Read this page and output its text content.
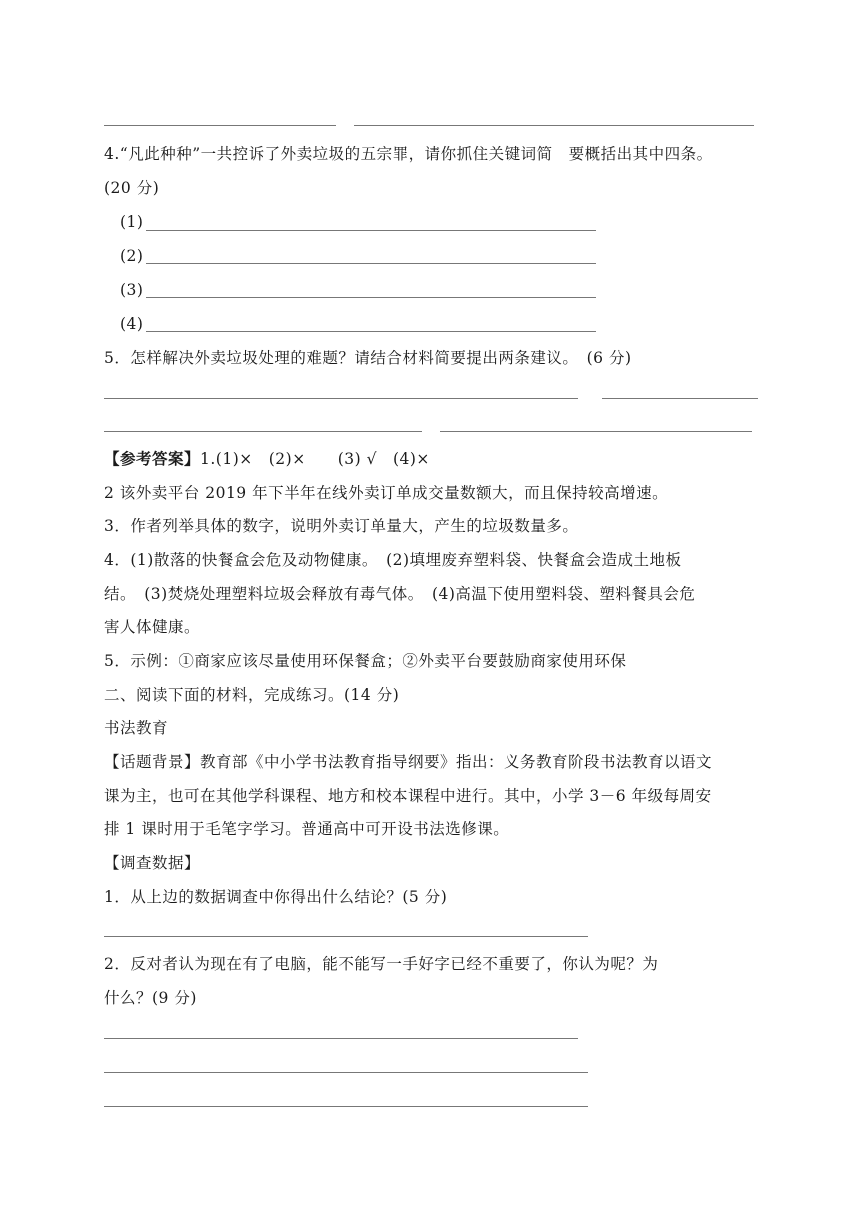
4.“凡此种种”一共控诉了外卖垃圾的五宗罪，请你抓住关键词简　要概括出其中四条。
(20 分)
(1)
(2)
(3)
(4)
5．怎样解决外卖垃圾处理的难题？请结合材料简要提出两条建议。　(6 分)
【参考答案】1.(1)×　(2)×　　(3) √　(4)×
2 该外卖平台 2019 年下半年在线外卖订单成交量数额大，而且保持较高增速。
3．作者列举具体的数字，说明外卖订单量大，产生的垃圾数量多。
4．(1)散落的快餐盒会危及动物健康。　(2)填埋废弃塑料袋、快餐盒会造成土地板
结。　(3)焚烧处理塑料垃圾会释放有毒气体。　(4)高温下使用塑料袋、塑料餐具会危
害人体健康。
5．示例：①商家应该尽量使用环保餐盒；②外卖平台要鼓励商家使用环保
二、阅读下面的材料，完成练习。(14 分)
书法教育
【话题背景】教育部《中小学书法教育指导纲要》指出：义务教育阶段书法教育以语文
课为主，也可在其他学科课程、地方和校本课程中进行。其中，小学 3－6 年级每周安
排 1 课时用于毛笔字学习。普通高中可开设书法选修课。
【调查数据】
1．从上边的数据调查中你得出什么结论？(5 分)
2．反对者认为现在有了电脑，能不能写一手好字已经不重要了，你认为呢？为
什么？(9 分)
